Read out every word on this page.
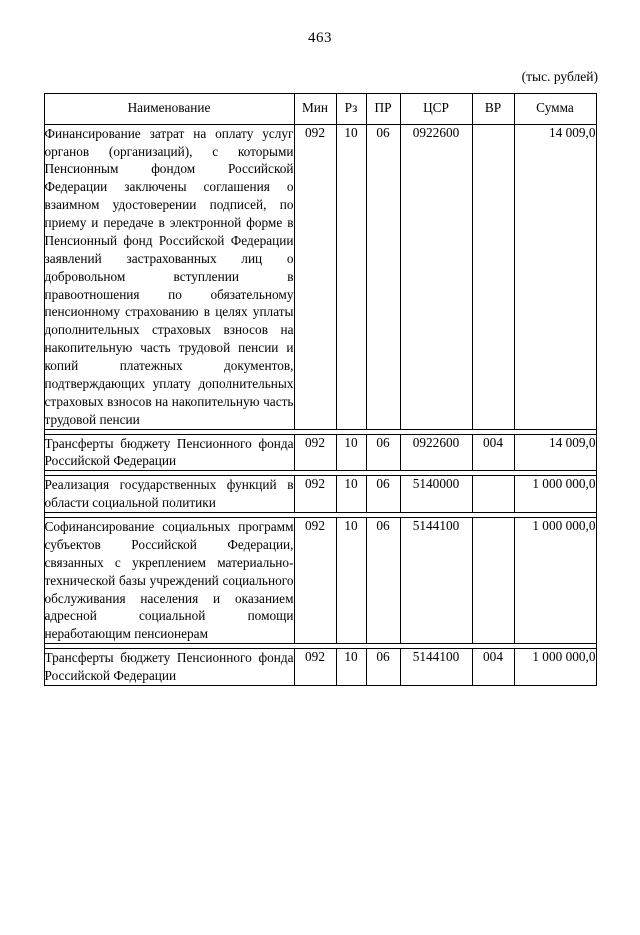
463
(тыс. рублей)
Наименование	Мин	Рз	ПР	ЦСР	ВР	Сумма
Финансирование затрат на оплату услуг органов (организаций), с которыми Пенсионным фондом Российской Федерации заключены соглашения о взаимном удостоверении подписей, по приему и передаче в электронной форме в Пенсионный фонд Российской Федерации заявлений застрахованных лиц о добровольном вступлении в правоотношения по обязательному пенсионному страхованию в целях уплаты дополнительных страховых взносов на накопительную часть трудовой пенсии и копий платежных документов, подтверждающих уплату дополнительных страховых взносов на накопительную часть трудовой пенсии	092	10	06	0922600		14 009,0

Трансферты бюджету Пенсионного фонда Российской Федерации	092	10	06	0922600	004	14 009,0

Реализация государственных функций в области социальной политики	092	10	06	5140000		1 000 000,0

Софинансирование социальных программ субъектов Российской Федерации, связанных с укреплением материально-технической базы учреждений социального обслуживания населения и оказанием адресной социальной помощи неработающим пенсионерам	092	10	06	5144100		1 000 000,0

Трансферты бюджету Пенсионного фонда Российской Федерации	092	10	06	5144100	004	1 000 000,0
